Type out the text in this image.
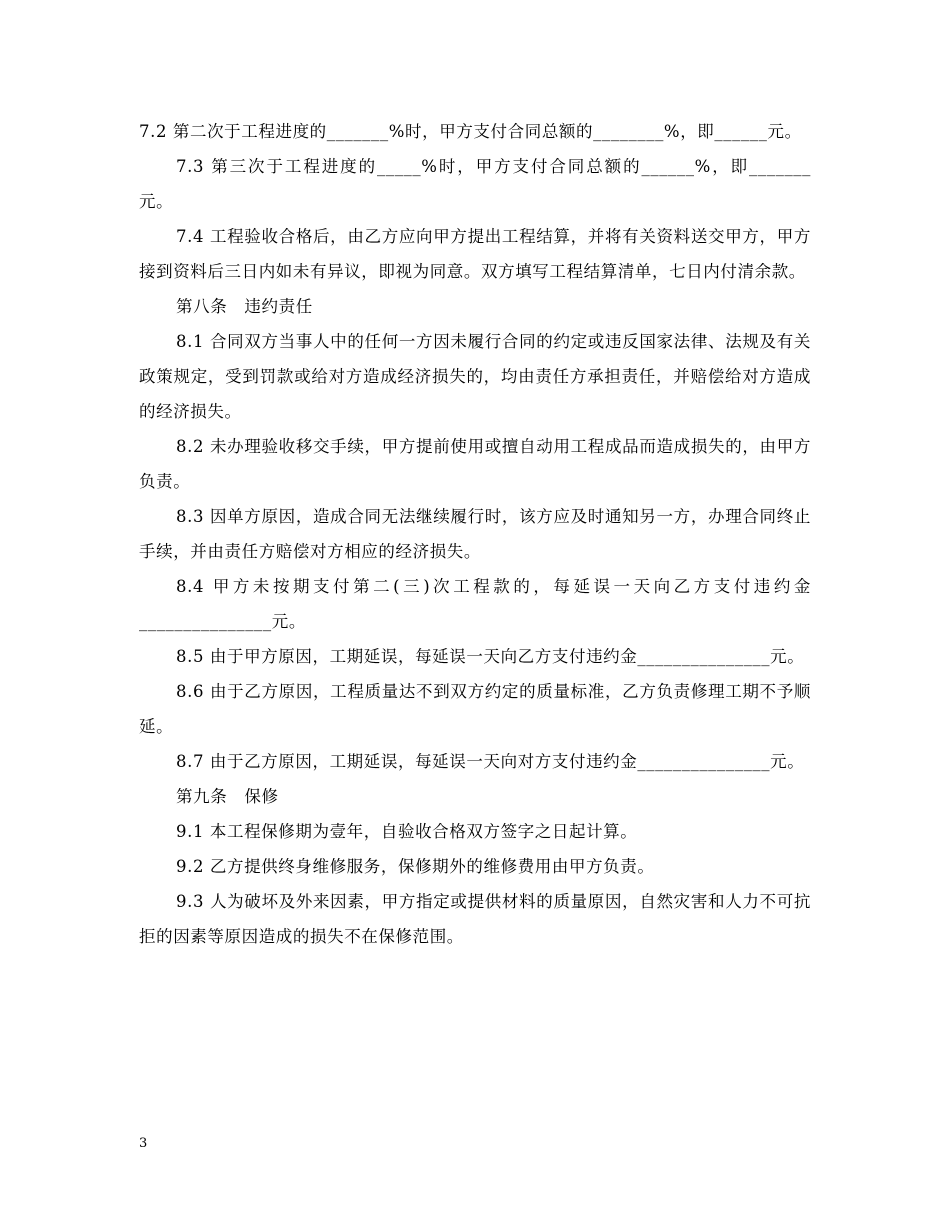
7.2 第二次于工程进度的_______%时，甲方支付合同总额的________%，即______元。

7.3 第三次于工程进度的_____%时，甲方支付合同总额的______%，即_______元。

7.4 工程验收合格后，由乙方应向甲方提出工程结算，并将有关资料送交甲方，甲方接到资料后三日内如未有异议，即视为同意。双方填写工程结算清单，七日内付清余款。

第八条　违约责任

8.1 合同双方当事人中的任何一方因未履行合同的约定或违反国家法律、法规及有关政策规定，受到罚款或给对方造成经济损失的，均由责任方承担责任，并赔偿给对方造成的经济损失。

8.2 未办理验收移交手续，甲方提前使用或擅自动用工程成品而造成损失的，由甲方负责。

8.3 因单方原因，造成合同无法继续履行时，该方应及时通知另一方，办理合同终止手续，并由责任方赔偿对方相应的经济损失。

8.4 甲方未按期支付第二(三)次工程款的，每延误一天向乙方支付违约金_______________元。

8.5 由于甲方原因，工期延误，每延误一天向乙方支付违约金_______________元。

8.6 由于乙方原因，工程质量达不到双方约定的质量标准，乙方负责修理工期不予顺延。

8.7 由于乙方原因，工期延误，每延误一天向对方支付违约金_______________元。

第九条　保修

9.1 本工程保修期为壹年，自验收合格双方签字之日起计算。

9.2 乙方提供终身维修服务，保修期外的维修费用由甲方负责。

9.3 人为破坏及外来因素，甲方指定或提供材料的质量原因，自然灾害和人力不可抗拒的因素等原因造成的损失不在保修范围。

3
